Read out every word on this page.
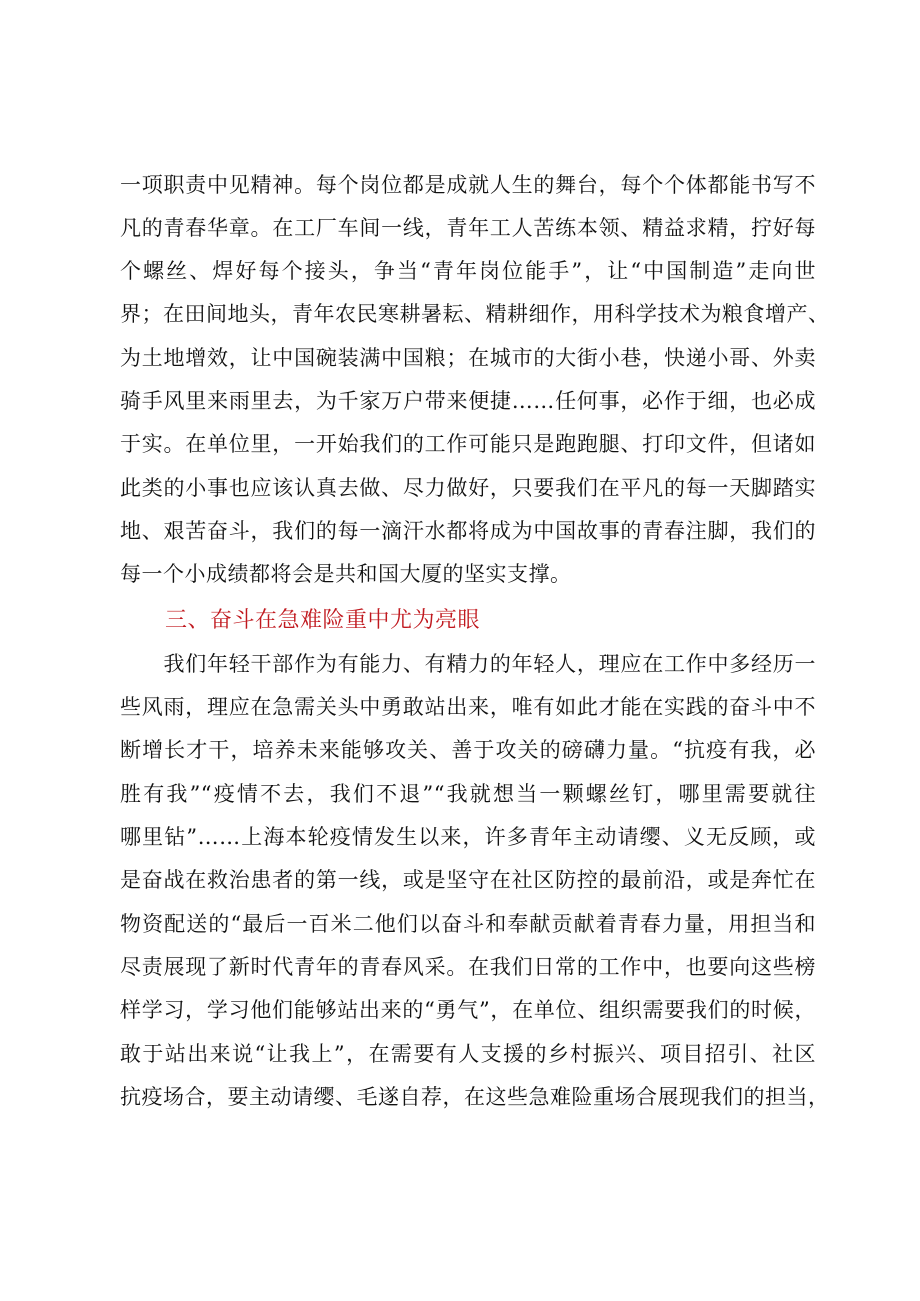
一项职责中见精神。每个岗位都是成就人生的舞台，每个个体都能书写不
凡的青春华章。在工厂车间一线，青年工人苦练本领、精益求精，拧好每
个螺丝、焊好每个接头，争当“青年岗位能手”，让“中国制造”走向世
界；在田间地头，青年农民寒耕暑耘、精耕细作，用科学技术为粮食增产、
为土地增效，让中国碗装满中国粮；在城市的大街小巷，快递小哥、外卖
骑手风里来雨里去，为千家万户带来便捷……任何事，必作于细，也必成
于实。在单位里，一开始我们的工作可能只是跑跑腿、打印文件，但诸如
此类的小事也应该认真去做、尽力做好，只要我们在平凡的每一天脚踏实
地、艰苦奋斗，我们的每一滴汗水都将成为中国故事的青春注脚，我们的
每一个小成绩都将会是共和国大厦的坚实支撑。
三、奋斗在急难险重中尤为亮眼
　　我们年轻干部作为有能力、有精力的年轻人，理应在工作中多经历一
些风雨，理应在急需关头中勇敢站出来，唯有如此才能在实践的奋斗中不
断增长才干，培养未来能够攻关、善于攻关的磅礴力量。“抗疫有我，必
胜有我”“疫情不去，我们不退”“我就想当一颗螺丝钉，哪里需要就往
哪里钻”……上海本轮疫情发生以来，许多青年主动请缨、义无反顾，或
是奋战在救治患者的第一线，或是坚守在社区防控的最前沿，或是奔忙在
物资配送的“最后一百米二他们以奋斗和奉献贡献着青春力量，用担当和
尽责展现了新时代青年的青春风采。在我们日常的工作中，也要向这些榜
样学习，学习他们能够站出来的“勇气”，在单位、组织需要我们的时候，
敢于站出来说“让我上”，在需要有人支援的乡村振兴、项目招引、社区
抗疫场合，要主动请缨、毛遂自荐，在这些急难险重场合展现我们的担当，
